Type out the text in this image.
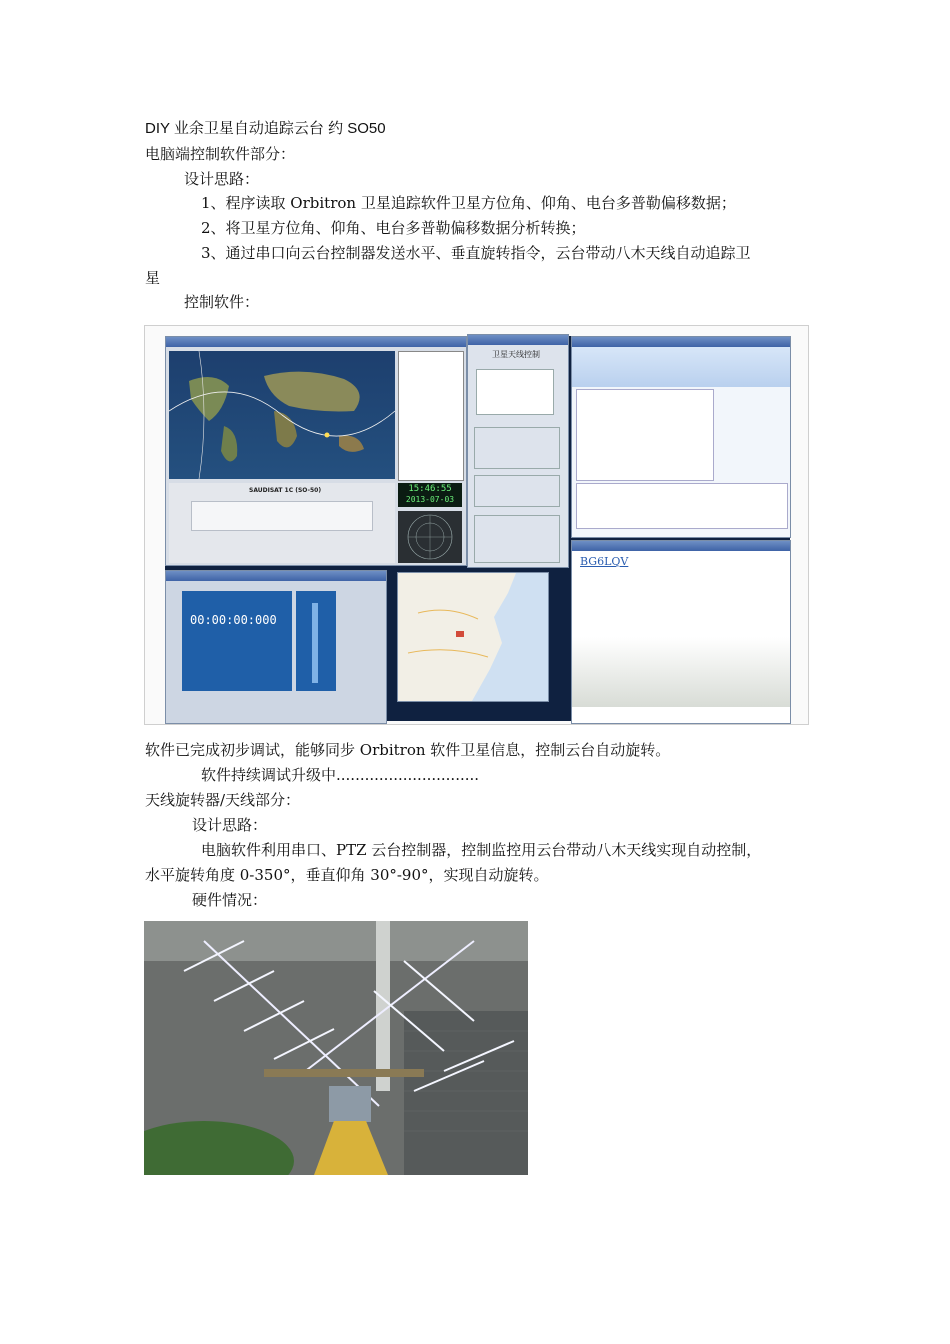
DIY 业余卫星自动追踪云台 约 SO50
电脑端控制软件部分：
设计思路：
1、程序读取 Orbitron 卫星追踪软件卫星方位角、仰角、电台多普勒偏移数据；
2、将卫星方位角、仰角、电台多普勒偏移数据分析转换；
3、通过串口向云台控制器发送水平、垂直旋转指令，云台带动八木天线自动追踪卫
星
控制软件：
15:46:55
2013-07-03
SAUDISAT 1C (SO-50)
卫星天线控制
BG6LQV
00:00:00:000
软件已完成初步调试，能够同步 Orbitron 软件卫星信息，控制云台自动旋转。
软件持续调试升级中..............................
天线旋转器/天线部分：
设计思路：
电脑软件利用串口、PTZ 云台控制器，控制监控用云台带动八木天线实现自动控制，
水平旋转角度 0-350°，垂直仰角 30°-90°，实现自动旋转。
硬件情况：
